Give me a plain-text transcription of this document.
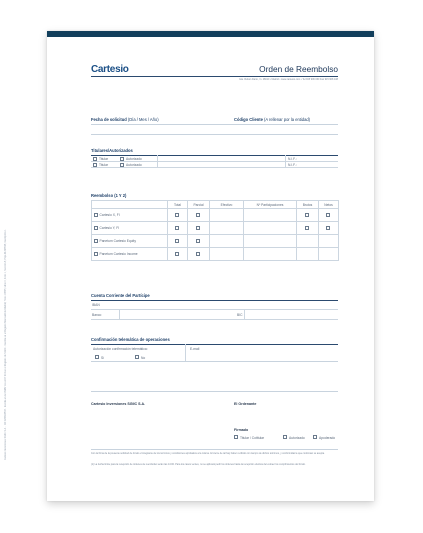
Cartesio	Orden de Reembolso
Gta. Rubén Darío, 3 • 28010 • Madrid • www.cartesio.com • Tel 915 906 060 Fax 915 908 108
Fecha de solicitud (Día / Mes / Año)	Código Cliente (A rellenar por la entidad)
Titulares/Autorizados
Titular	Autorizado	N.I.F.:
Titular	Autorizado	N.I.F.:
Reembolso (1 Y 2)
	Total	Parcial	Efectivo	Nº Participaciones	Brutos	Netos
Cartesio X, FI						
Cartesio Y, FI						
Panetum Cartesio Equity						
Panetum Cartesio Income						
Cuenta Corriente del Partícipe
IBAN
Banco	BIC
Confirmación telemática de operaciones
Autorización confirmación telemática:	E-mail
Sí	No
Cartesio Inversiones SGIIC S.A.	El Ordenante
Firmado
Titular / Cotitular	Autorizado	Apoderado
Con la firma de la presente solicitud de fondo el integrante de los términos y condiciones aprobados a la misma. El cierre de tal hay haber recibido con tiempo de dichos términos, y conformidad a que continúan su acepta.
(1) La fecha límite para la recepción de órdenes de reembolso serán las 14:00. Para los casos ventes, no se aplicará pedir los órdenes hasta la recepción efectiva del extraer los cumplimientos del fondo.
Cartesio Inversiones SGIIC S.A. · CIF A83696533 · Inscrita en la CNMV con el Nº 214 en el Registro de SGIIC · Inscrita en el Registro Mercantil de Madrid, Tomo 18835, Libro 0, Folio 1, Sección 8, Hoja M-328528, Inscripción 1
